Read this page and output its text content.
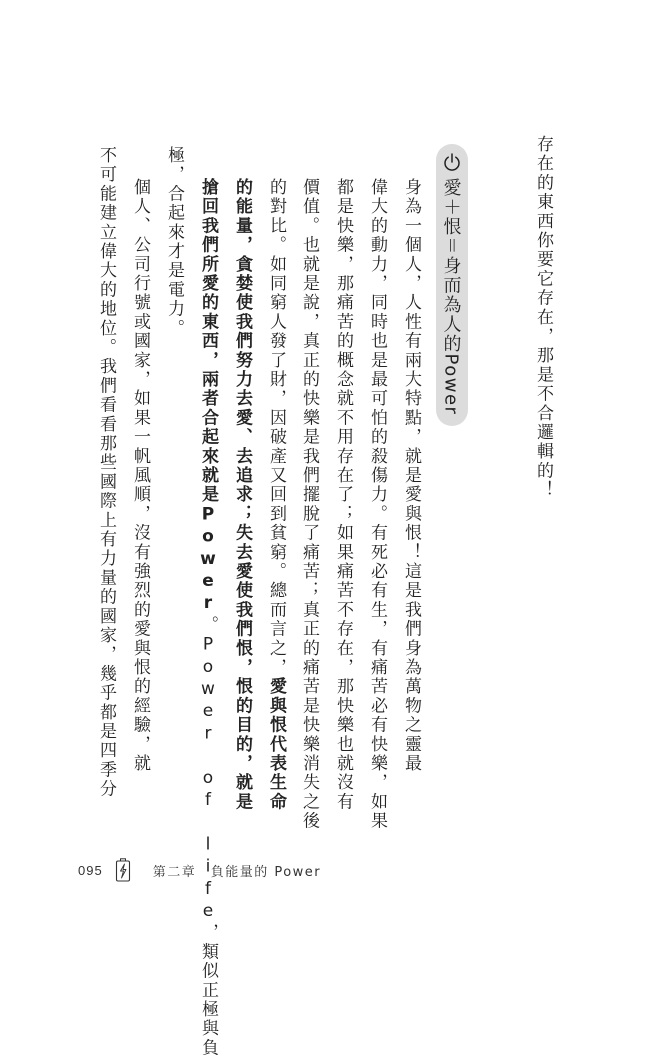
存在的東西你要它存在，那是不合邏輯的！
愛＋恨＝身而為人的Power
身為一個人，人性有兩大特點，就是愛與恨！這是我們身為萬物之靈最
偉大的動力，同時也是最可怕的殺傷力。有死必有生，有痛苦必有快樂，如果
都是快樂，那痛苦的概念就不用存在了；如果痛苦不存在，那快樂也就沒有
價值。也就是說，真正的快樂是我們擺脫了痛苦；真正的痛苦是快樂消失之後
的對比。如同窮人發了財，因破產又回到貧窮。總而言之，愛與恨代表生命
的能量，貪婪使我們努力去愛、去追求；失去愛使我們恨，恨的目的，就是
搶回我們所愛的東西，兩者合起來就是Power。Power of life，類似正極與負
極，合起來才是電力。
個人、公司行號或國家，如果一帆風順，沒有強烈的愛與恨的經驗，就
不可能建立偉大的地位。我們看看那些國際上有力量的國家，幾乎都是四季分
095	第二章　負能量的 Power
